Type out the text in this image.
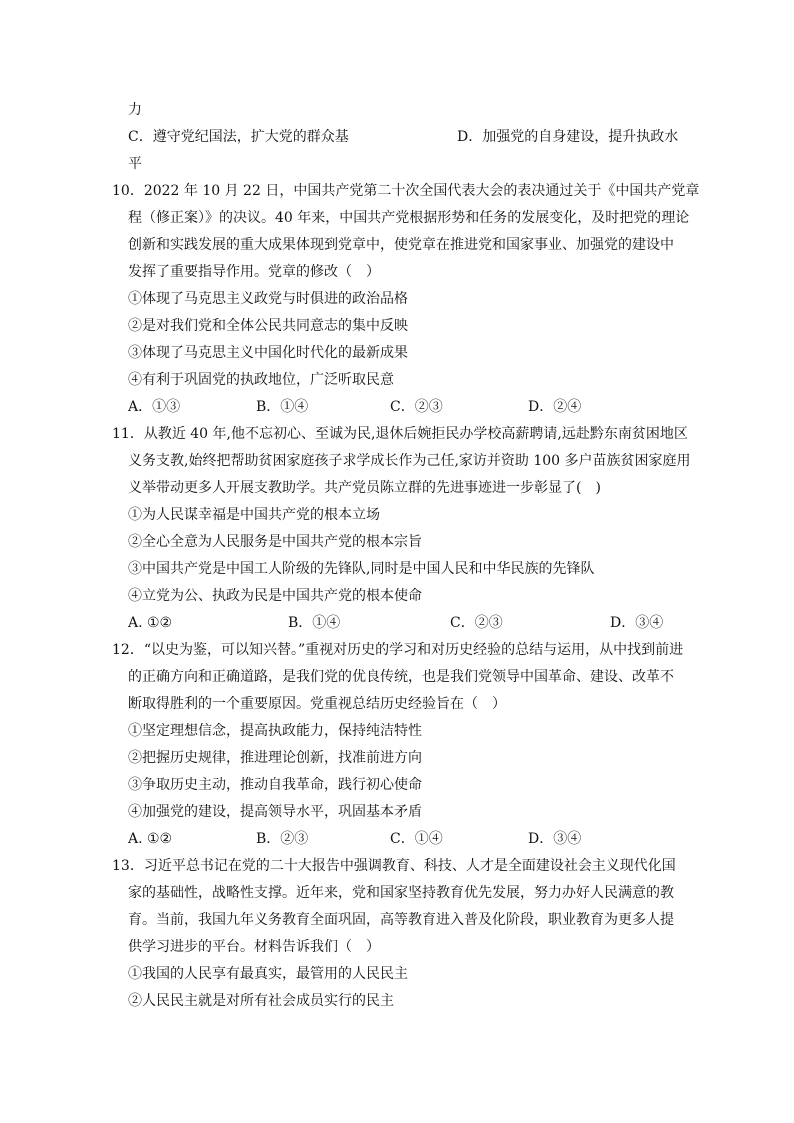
力
C．遵守党纪国法，扩大党的群众基	D．加强党的自身建设，提升执政水
平
10．2022 年 10 月 22 日，中国共产党第二十次全国代表大会的表决通过关于《中国共产党章
程（修正案）》的决议。40 年来，中国共产党根据形势和任务的发展变化，及时把党的理论
创新和实践发展的重大成果体现到党章中，使党章在推进党和国家事业、加强党的建设中
发挥了重要指导作用。党章的修改（　）
①体现了马克思主义政党与时俱进的政治品格
②是对我们党和全体公民共同意志的集中反映
③体现了马克思主义中国化时代化的最新成果
④有利于巩固党的执政地位，广泛听取民意
A．①③	B．①④	C．②③	D．②④
11．从教近 40 年,他不忘初心、至诚为民,退休后婉拒民办学校高薪聘请,远赴黔东南贫困地区
义务支教,始终把帮助贫困家庭孩子求学成长作为己任,家访并资助 100 多户苗族贫困家庭用
义举带动更多人开展支教助学。共产党员陈立群的先进事迹进一步彰显了(　)
①为人民谋幸福是中国共产党的根本立场
②全心全意为人民服务是中国共产党的根本宗旨
③中国共产党是中国工人阶级的先锋队,同时是中国人民和中华民族的先锋队
④立党为公、执政为民是中国共产党的根本使命
A. ①②	B．①④	C．②③	D．③④
12．“以史为鉴，可以知兴替。”重视对历史的学习和对历史经验的总结与运用，从中找到前进
的正确方向和正确道路，是我们党的优良传统，也是我们党领导中国革命、建设、改革不
断取得胜利的一个重要原因。党重视总结历史经验旨在（　）
①坚定理想信念，提高执政能力，保持纯洁特性
②把握历史规律，推进理论创新，找准前进方向
③争取历史主动，推动自我革命，践行初心使命
④加强党的建设，提高领导水平，巩固基本矛盾
A. ①②	B．②③	C．①④	D．③④
13．习近平总书记在党的二十大报告中强调教育、科技、人才是全面建设社会主义现代化国
家的基础性，战略性支撑。近年来，党和国家坚持教育优先发展，努力办好人民满意的教
育。当前，我国九年义务教育全面巩固，高等教育进入普及化阶段，职业教育为更多人提
供学习进步的平台。材料告诉我们（　）
①我国的人民享有最真实，最管用的人民民主
②人民民主就是对所有社会成员实行的民主
